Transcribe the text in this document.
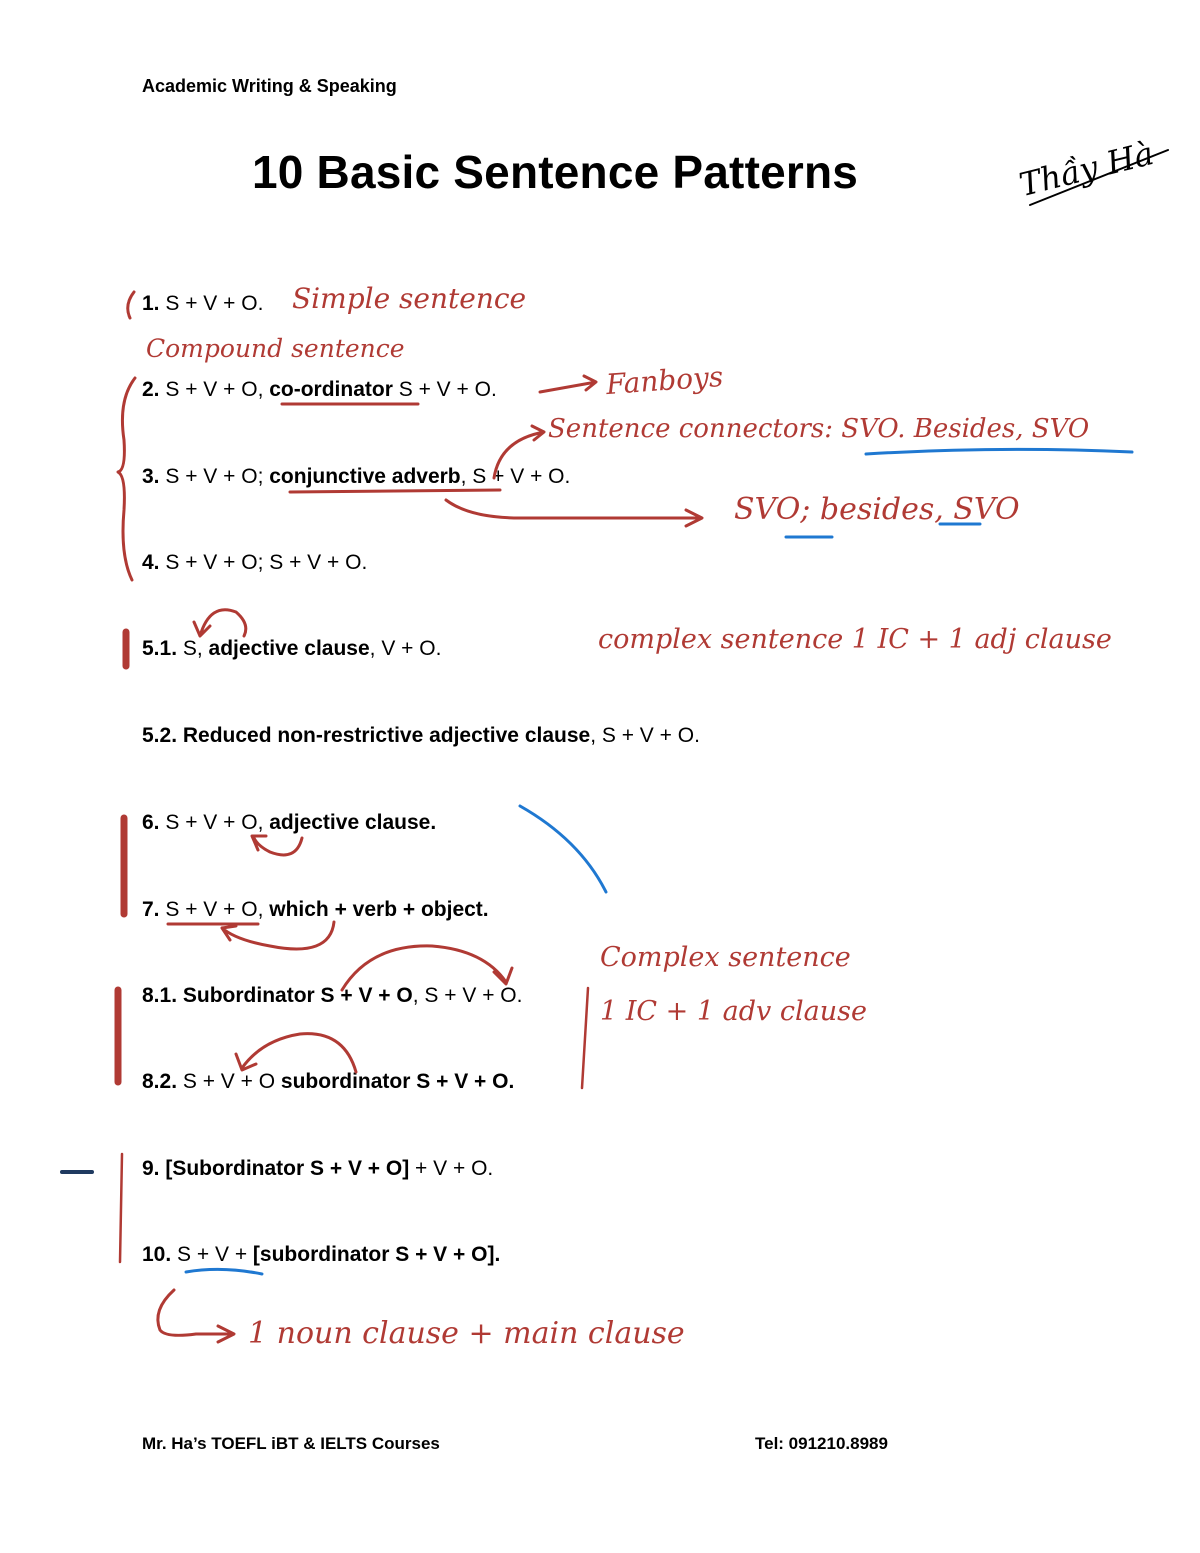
Academic Writing & Speaking
10 Basic Sentence Patterns	Thầy Hà
1. S + V + O.
2. S + V + O, co-ordinator S + V + O.
3. S + V + O; conjunctive adverb, S + V + O.
4. S + V + O; S + V + O.
5.1. S, adjective clause, V + O.
5.2. Reduced non-restrictive adjective clause, S + V + O.
6. S + V + O, adjective clause.
7. S + V + O, which + verb + object.
8.1. Subordinator S + V + O, S + V + O.
8.2. S + V + O subordinator S + V + O.
9. [Subordinator S + V + O] + V + O.
10. S + V + [subordinator S + V + O].
Simple sentence
Compound sentence
Fanboys
Sentence connectors: SVO. Besides, SVO
SVO; besides, SVO
complex sentence 1 IC + 1 adj clause
Complex sentence
1 IC + 1 adv clause
1 noun clause + main clause
Mr. Ha’s TOEFL iBT & IELTS Courses	Tel: 091210.8989
